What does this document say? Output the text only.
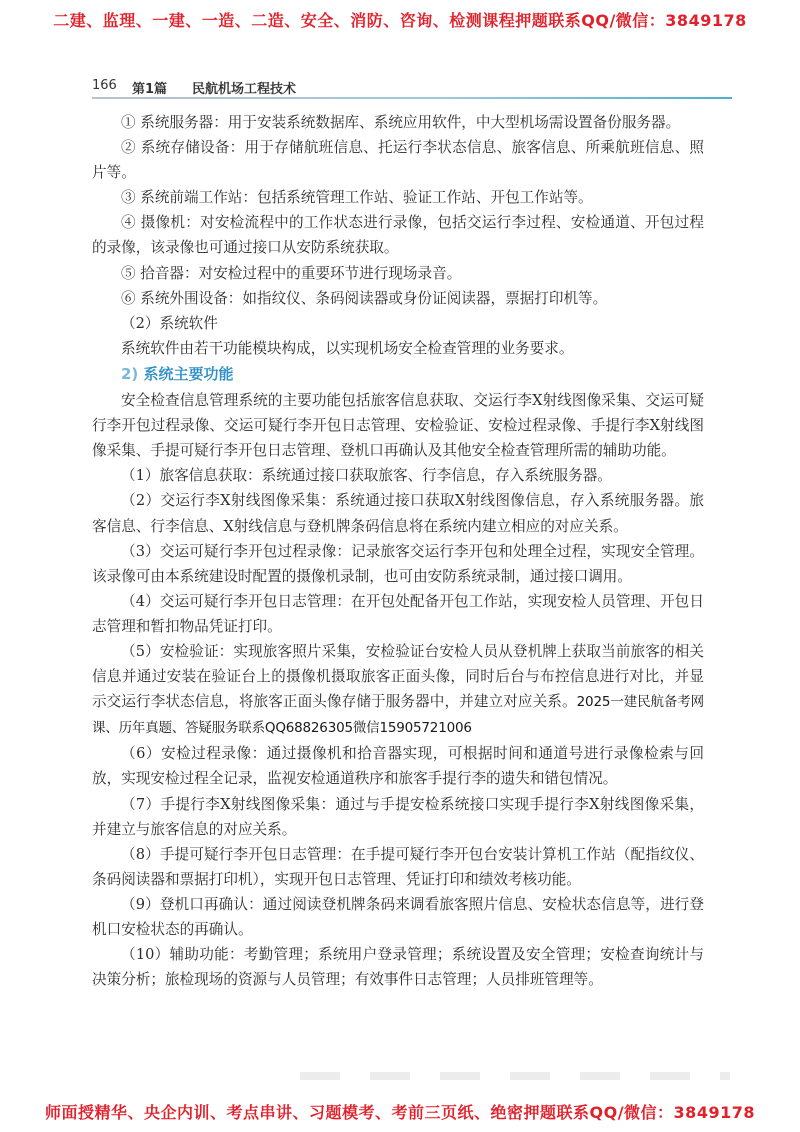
二建、监理、一建、一造、二造、安全、消防、咨询、检测课程押题联系QQ/微信：3849178
166 第1篇 民航机场工程技术

① 系统服务器：用于安装系统数据库、系统应用软件，中大型机场需设置备份服务器。

② 系统存储设备：用于存储航班信息、托运行李状态信息、旅客信息、所乘航班信息、照片等。

③ 系统前端工作站：包括系统管理工作站、验证工作站、开包工作站等。

④ 摄像机：对安检流程中的工作状态进行录像，包括交运行李过程、安检通道、开包过程的录像，该录像也可通过接口从安防系统获取。

⑤ 拾音器：对安检过程中的重要环节进行现场录音。

⑥ 系统外围设备：如指纹仪、条码阅读器或身份证阅读器，票据打印机等。

（2）系统软件

系统软件由若干功能模块构成，以实现机场安全检查管理的业务要求。

2) 系统主要功能

安全检查信息管理系统的主要功能包括旅客信息获取、交运行李X射线图像采集、交运可疑行李开包过程录像、交运可疑行李开包日志管理、安检验证、安检过程录像、手提行李X射线图像采集、手提可疑行李开包日志管理、登机口再确认及其他安全检查管理所需的辅助功能。

（1）旅客信息获取：系统通过接口获取旅客、行李信息，存入系统服务器。

（2）交运行李X射线图像采集：系统通过接口获取X射线图像信息，存入系统服务器。旅客信息、行李信息、X射线信息与登机牌条码信息将在系统内建立相应的对应关系。

（3）交运可疑行李开包过程录像：记录旅客交运行李开包和处理全过程，实现安全管理。该录像可由本系统建设时配置的摄像机录制，也可由安防系统录制，通过接口调用。

（4）交运可疑行李开包日志管理：在开包处配备开包工作站，实现安检人员管理、开包日志管理和暂扣物品凭证打印。

（5）安检验证：实现旅客照片采集，安检验证台安检人员从登机牌上获取当前旅客的相关信息并通过安装在验证台上的摄像机摄取旅客正面头像，同时后台与布控信息进行对比，并显示交运行李状态信息，将旅客正面头像存储于服务器中，并建立对应关系。2025一建民航备考网课、历年真题、答疑服务联系QQ68826305微信15905721006

（6）安检过程录像：通过摄像机和拾音器实现，可根据时间和通道号进行录像检索与回放，实现安检过程全记录，监视安检通道秩序和旅客手提行李的遗失和错包情况。

（7）手提行李X射线图像采集：通过与手提安检系统接口实现手提行李X射线图像采集，并建立与旅客信息的对应关系。

（8）手提可疑行李开包日志管理：在手提可疑行李开包台安装计算机工作站（配指纹仪、条码阅读器和票据打印机），实现开包日志管理、凭证打印和绩效考核功能。

（9）登机口再确认：通过阅读登机牌条码来调看旅客照片信息、安检状态信息等，进行登机口安检状态的再确认。

（10）辅助功能：考勤管理；系统用户登录管理；系统设置及安全管理；安检查询统计与决策分析；旅检现场的资源与人员管理；有效事件日志管理；人员排班管理等。

师面授精华、央企内训、考点串讲、习题模考、考前三页纸、绝密押题联系QQ/微信：3849178
